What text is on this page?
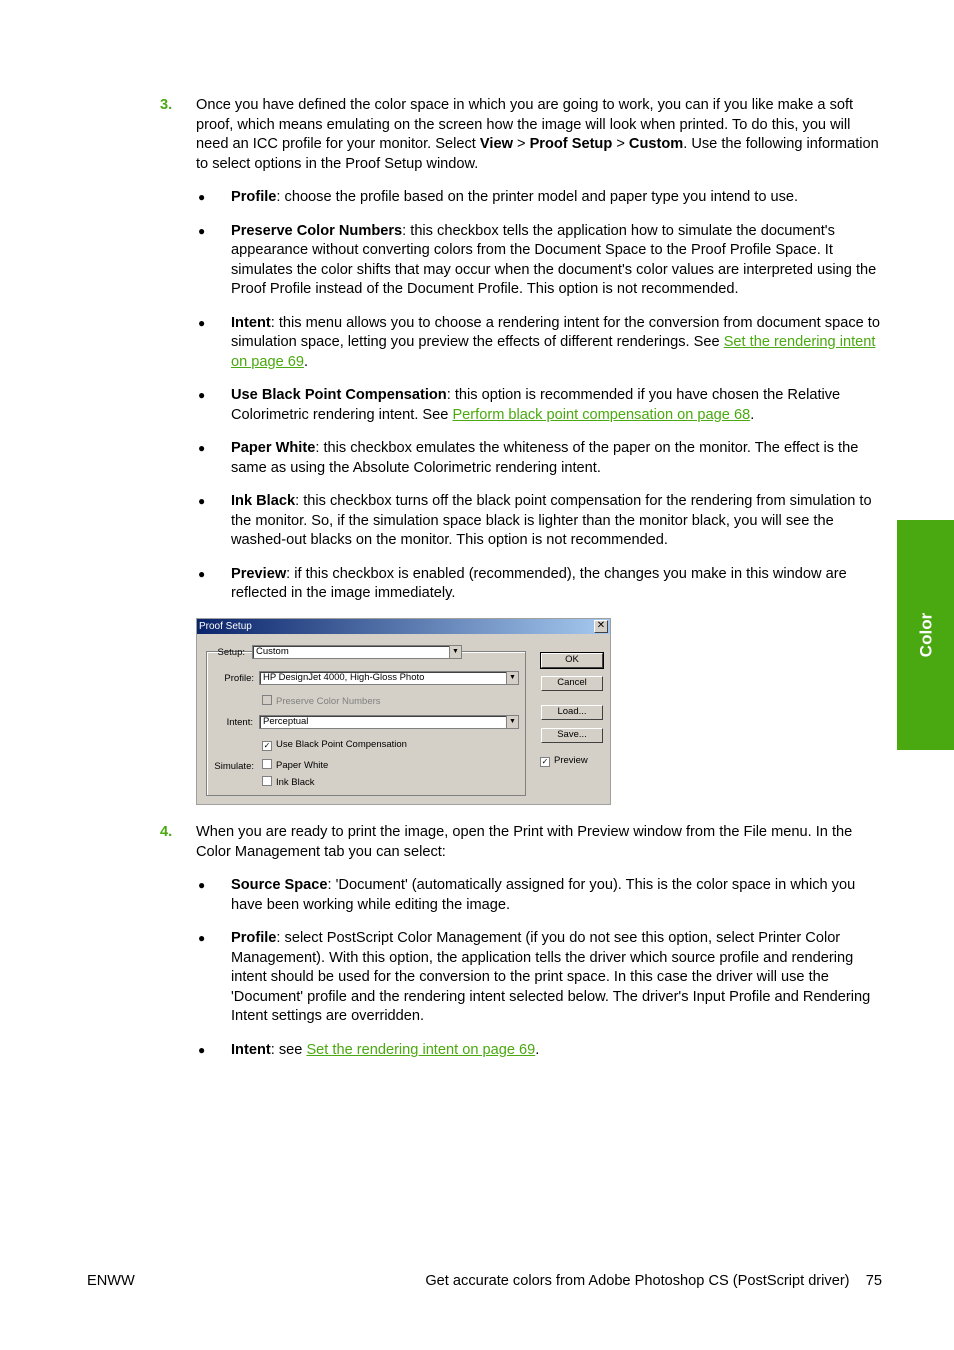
3. Once you have defined the color space in which you are going to work, you can if you like make a soft proof, which means emulating on the screen how the image will look when printed. To do this, you will need an ICC profile for your monitor. Select View > Proof Setup > Custom. Use the following information to select options in the Proof Setup window.
● Profile: choose the profile based on the printer model and paper type you intend to use.
● Preserve Color Numbers: this checkbox tells the application how to simulate the document's appearance without converting colors from the Document Space to the Proof Profile Space. It simulates the color shifts that may occur when the document's color values are interpreted using the Proof Profile instead of the Document Profile. This option is not recommended.
● Intent: this menu allows you to choose a rendering intent for the conversion from document space to simulation space, letting you preview the effects of different renderings. See Set the rendering intent on page 69.
● Use Black Point Compensation: this option is recommended if you have chosen the Relative Colorimetric rendering intent. See Perform black point compensation on page 68.
● Paper White: this checkbox emulates the whiteness of the paper on the monitor. The effect is the same as using the Absolute Colorimetric rendering intent.
● Ink Black: this checkbox turns off the black point compensation for the rendering from simulation to the monitor. So, if the simulation space black is lighter than the monitor black, you will see the washed-out blacks on the monitor. This option is not recommended.
● Preview: if this checkbox is enabled (recommended), the changes you make in this window are reflected in the image immediately.
Proof Setup	✕
Setup:	Custom	▼
Profile: HP DesignJet 4000, High-Gloss Photo	▼
Preserve Color Numbers
Intent:	Perceptual	▼
✓ Use Black Point Compensation
Simulate:	Paper White
Ink Black
OK
Cancel
Load...
Save...
✓ Preview
4. When you are ready to print the image, open the Print with Preview window from the File menu. In the Color Management tab you can select:
● Source Space: 'Document' (automatically assigned for you). This is the color space in which you have been working while editing the image.
● Profile: select PostScript Color Management (if you do not see this option, select Printer Color Management). With this option, the application tells the driver which source profile and rendering intent should be used for the conversion to the print space. In this case the driver will use the 'Document' profile and the rendering intent selected below. The driver's Input Profile and Rendering Intent settings are overridden.
● Intent: see Set the rendering intent on page 69.
Color
ENWW	Get accurate colors from Adobe Photoshop CS (PostScript driver)    75
